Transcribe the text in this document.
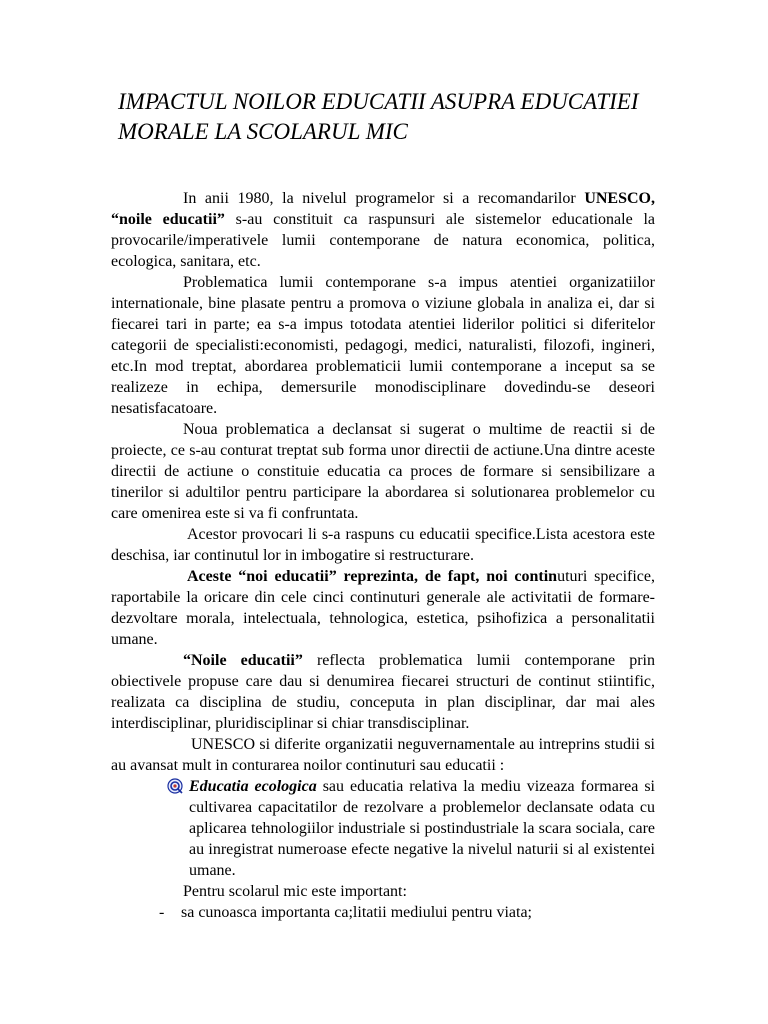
IMPACTUL NOILOR EDUCATII ASUPRA EDUCATIEI
MORALE LA SCOLARUL MIC

In anii 1980, la nivelul programelor si a recomandarilor UNESCO, “noile educatii” s-au constituit ca raspunsuri ale sistemelor educationale la provocarile/imperativele lumii contemporane de natura economica, politica, ecologica, sanitara, etc.

Problematica lumii contemporane s-a impus atentiei organizatiilor internationale, bine plasate pentru a promova o viziune globala in analiza ei, dar si fiecarei tari in parte; ea s-a impus totodata atentiei liderilor politici si diferitelor categorii de specialisti:economisti, pedagogi, medici, naturalisti, filozofi, ingineri, etc.In mod treptat, abordarea problematicii lumii contemporane a inceput sa se realizeze in echipa, demersurile monodisciplinare dovedindu-se deseori nesatisfacatoare.

Noua problematica a declansat si sugerat o multime de reactii si de proiecte, ce s-au conturat treptat sub forma unor directii de actiune.Una dintre aceste directii de actiune o constituie educatia ca proces de formare si sensibilizare a tinerilor si adultilor pentru participare la abordarea si solutionarea problemelor cu care omenirea este si va fi confruntata.

Acestor provocari li s-a raspuns cu educatii specifice.Lista acestora este deschisa, iar continutul lor in imbogatire si restructurare.

Aceste “noi educatii” reprezinta, de fapt, noi continuturi specifice, raportabile la oricare din cele cinci continuturi generale ale activitatii de formare-dezvoltare morala, intelectuala, tehnologica, estetica, psihofizica a personalitatii umane.

“Noile educatii” reflecta problematica lumii contemporane prin obiectivele propuse care dau si denumirea fiecarei structuri de continut stiintific, realizata ca disciplina de studiu, conceputa in plan disciplinar, dar mai ales interdisciplinar, pluridisciplinar si chiar transdisciplinar.

UNESCO si diferite organizatii neguvernamentale au intreprins studii si au avansat mult in conturarea noilor continuturi sau educatii :

Educatia ecologica sau educatia relativa la mediu vizeaza formarea si cultivarea capacitatilor de rezolvare a problemelor declansate odata cu aplicarea tehnologiilor industriale si postindustriale la scara sociala, care au inregistrat numeroase efecte negative la nivelul naturii si al existentei umane.

Pentru scolarul mic este important:

- sa cunoasca importanta ca;litatii mediului pentru viata;
